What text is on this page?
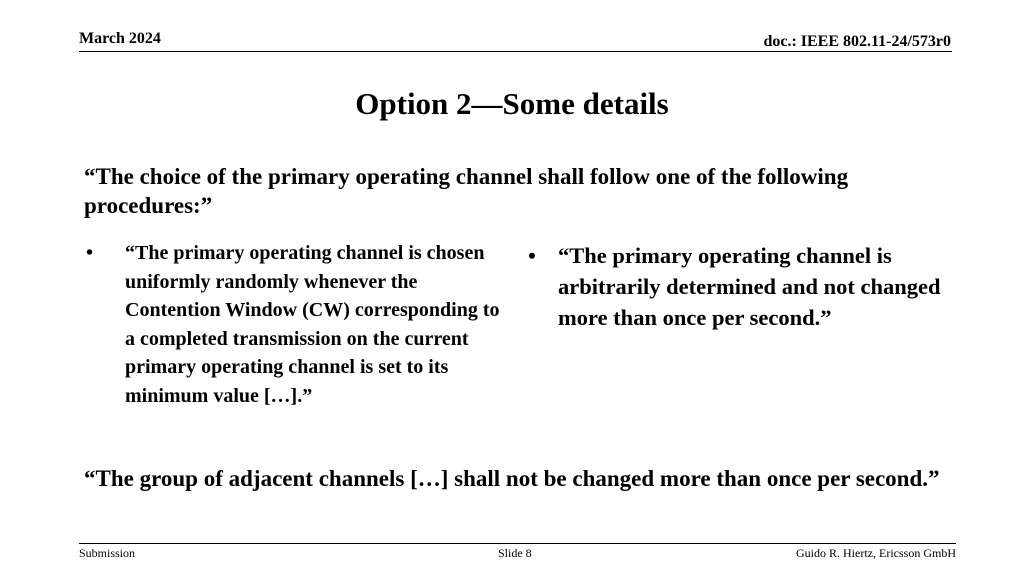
March 2024	doc.: IEEE 802.11-24/573r0
Option 2—Some details
“The choice of the primary operating channel shall follow one of the following procedures:”
• “The primary operating channel is chosen uniformly randomly whenever the Contention Window (CW) corresponding to a completed transmission on the current primary operating channel is set to its minimum value […].”
• “The primary operating channel is arbitrarily determined and not changed more than once per second.”
“The group of adjacent channels […] shall not be changed more than once per second.”
Submission	Slide 8	Guido R. Hiertz, Ericsson GmbH
